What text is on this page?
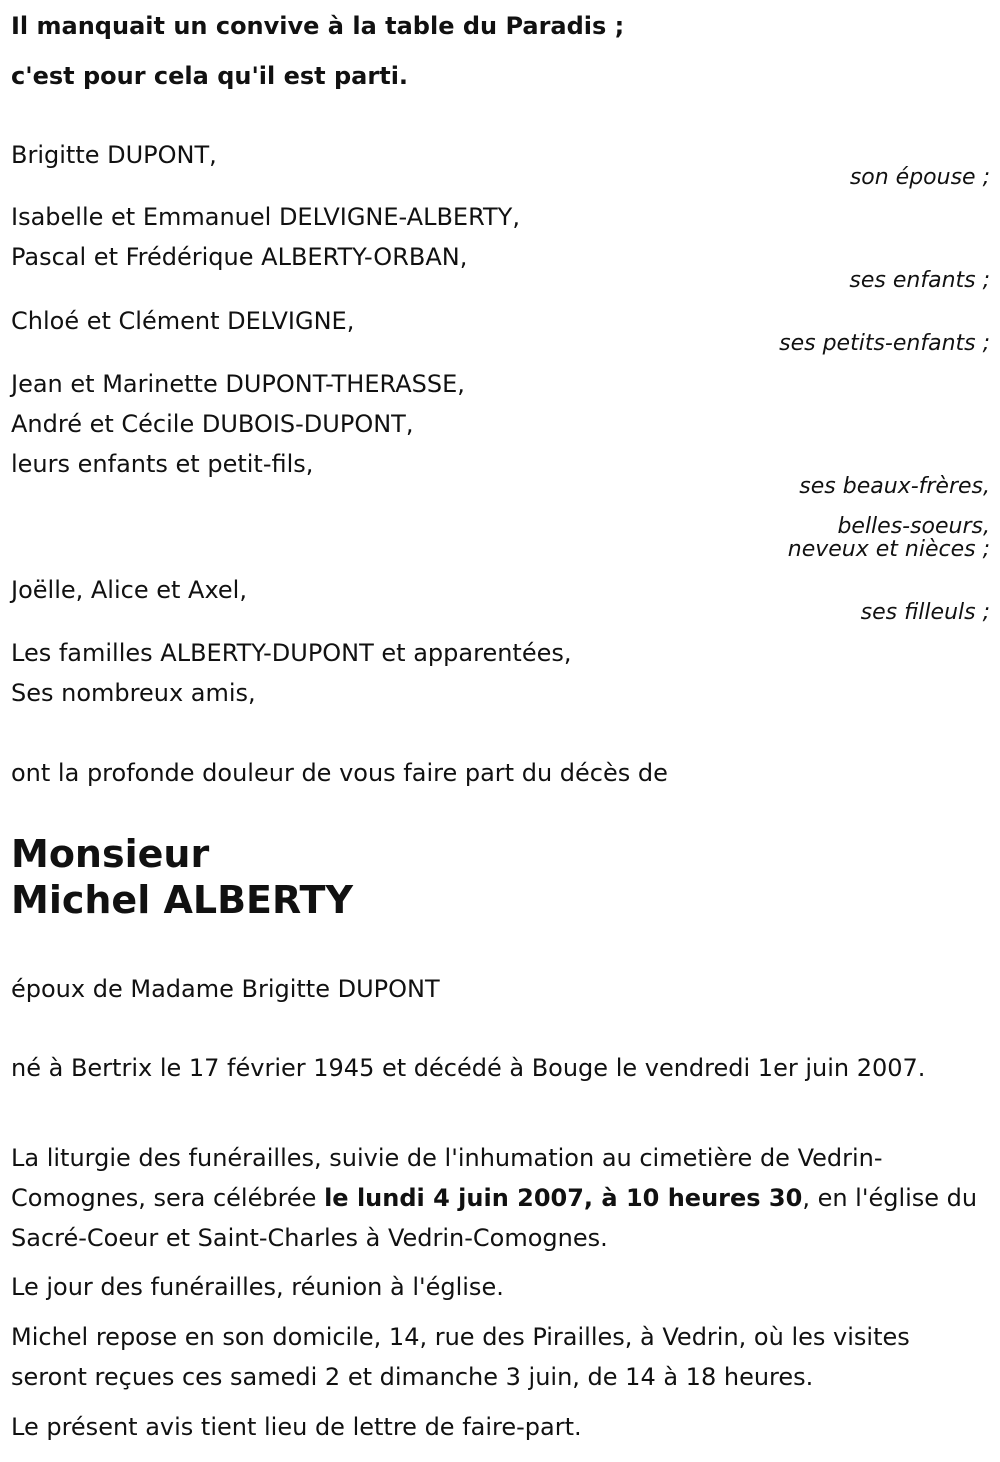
Il manquait un convive à la table du Paradis ;

c'est pour cela qu'il est parti.

Brigitte DUPONT,

son épouse ;

Isabelle et Emmanuel DELVIGNE-ALBERTY,

Pascal et Frédérique ALBERTY-ORBAN,

ses enfants ;

Chloé et Clément DELVIGNE,

ses petits-enfants ;

Jean et Marinette DUPONT-THERASSE,

André et Cécile DUBOIS-DUPONT,

leurs enfants et petit-fils,

ses beaux-frères,

belles-soeurs,

neveux et nièces ;

Joëlle, Alice et Axel,

ses filleuls ;

Les familles ALBERTY-DUPONT et apparentées,

Ses nombreux amis,

ont la profonde douleur de vous faire part du décès de

Monsieur

Michel ALBERTY

époux de Madame Brigitte DUPONT

né à Bertrix le 17 février 1945 et décédé à Bouge le vendredi 1er juin 2007.

La liturgie des funérailles, suivie de l'inhumation au cimetière de Vedrin-Comognes, sera célébrée le lundi 4 juin 2007, à 10 heures 30, en l'église du Sacré-Coeur et Saint-Charles à Vedrin-Comognes.

Le jour des funérailles, réunion à l'église.

Michel repose en son domicile, 14, rue des Pirailles, à Vedrin, où les visites seront reçues ces samedi 2 et dimanche 3 juin, de 14 à 18 heures.

Le présent avis tient lieu de lettre de faire-part.
